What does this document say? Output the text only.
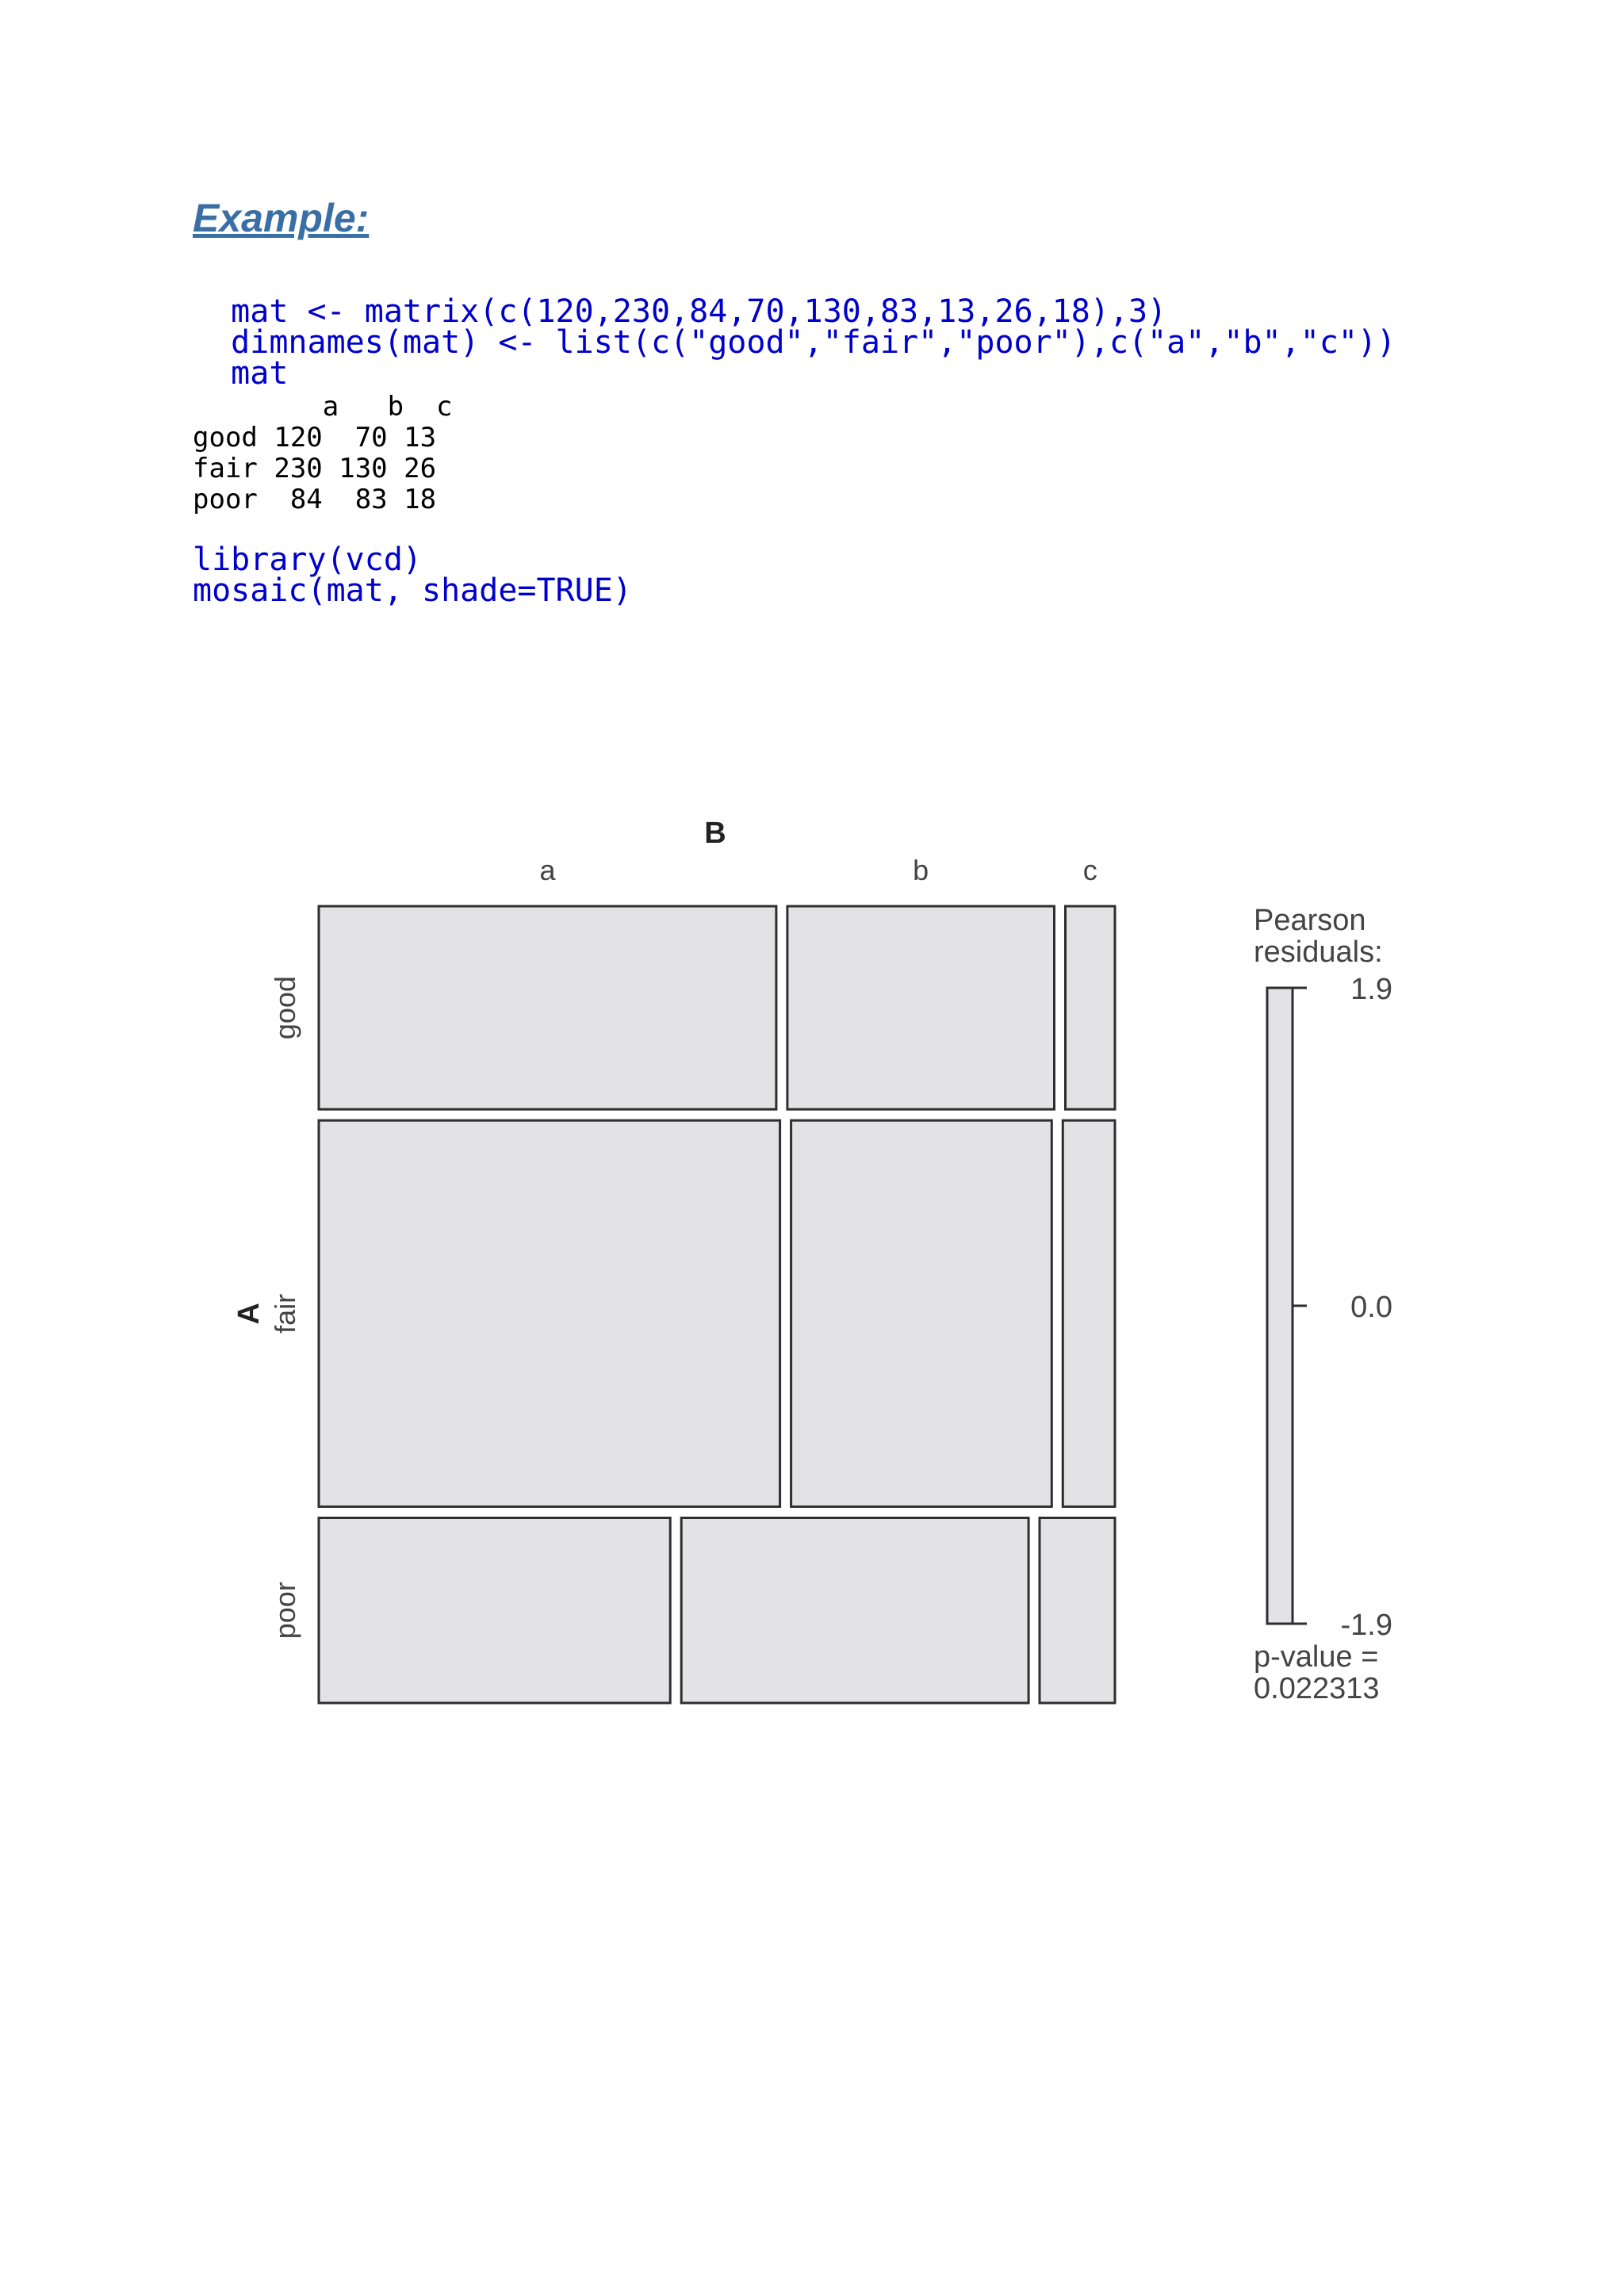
Example:
mat <- matrix(c(120,230,84,70,130,83,13,26,18),3)
dimnames(mat) <- list(c("good","fair","poor"),c("a","b","c"))
mat
a   b  c
good 120  70 13
fair 230 130 26
poor  84  83 18
library(vcd)
mosaic(mat, shade=TRUE)
a	b	c
B
good
fair
poor
A
Pearson
residuals:
1.9
0.0
-1.9
p-value =
0.022313
